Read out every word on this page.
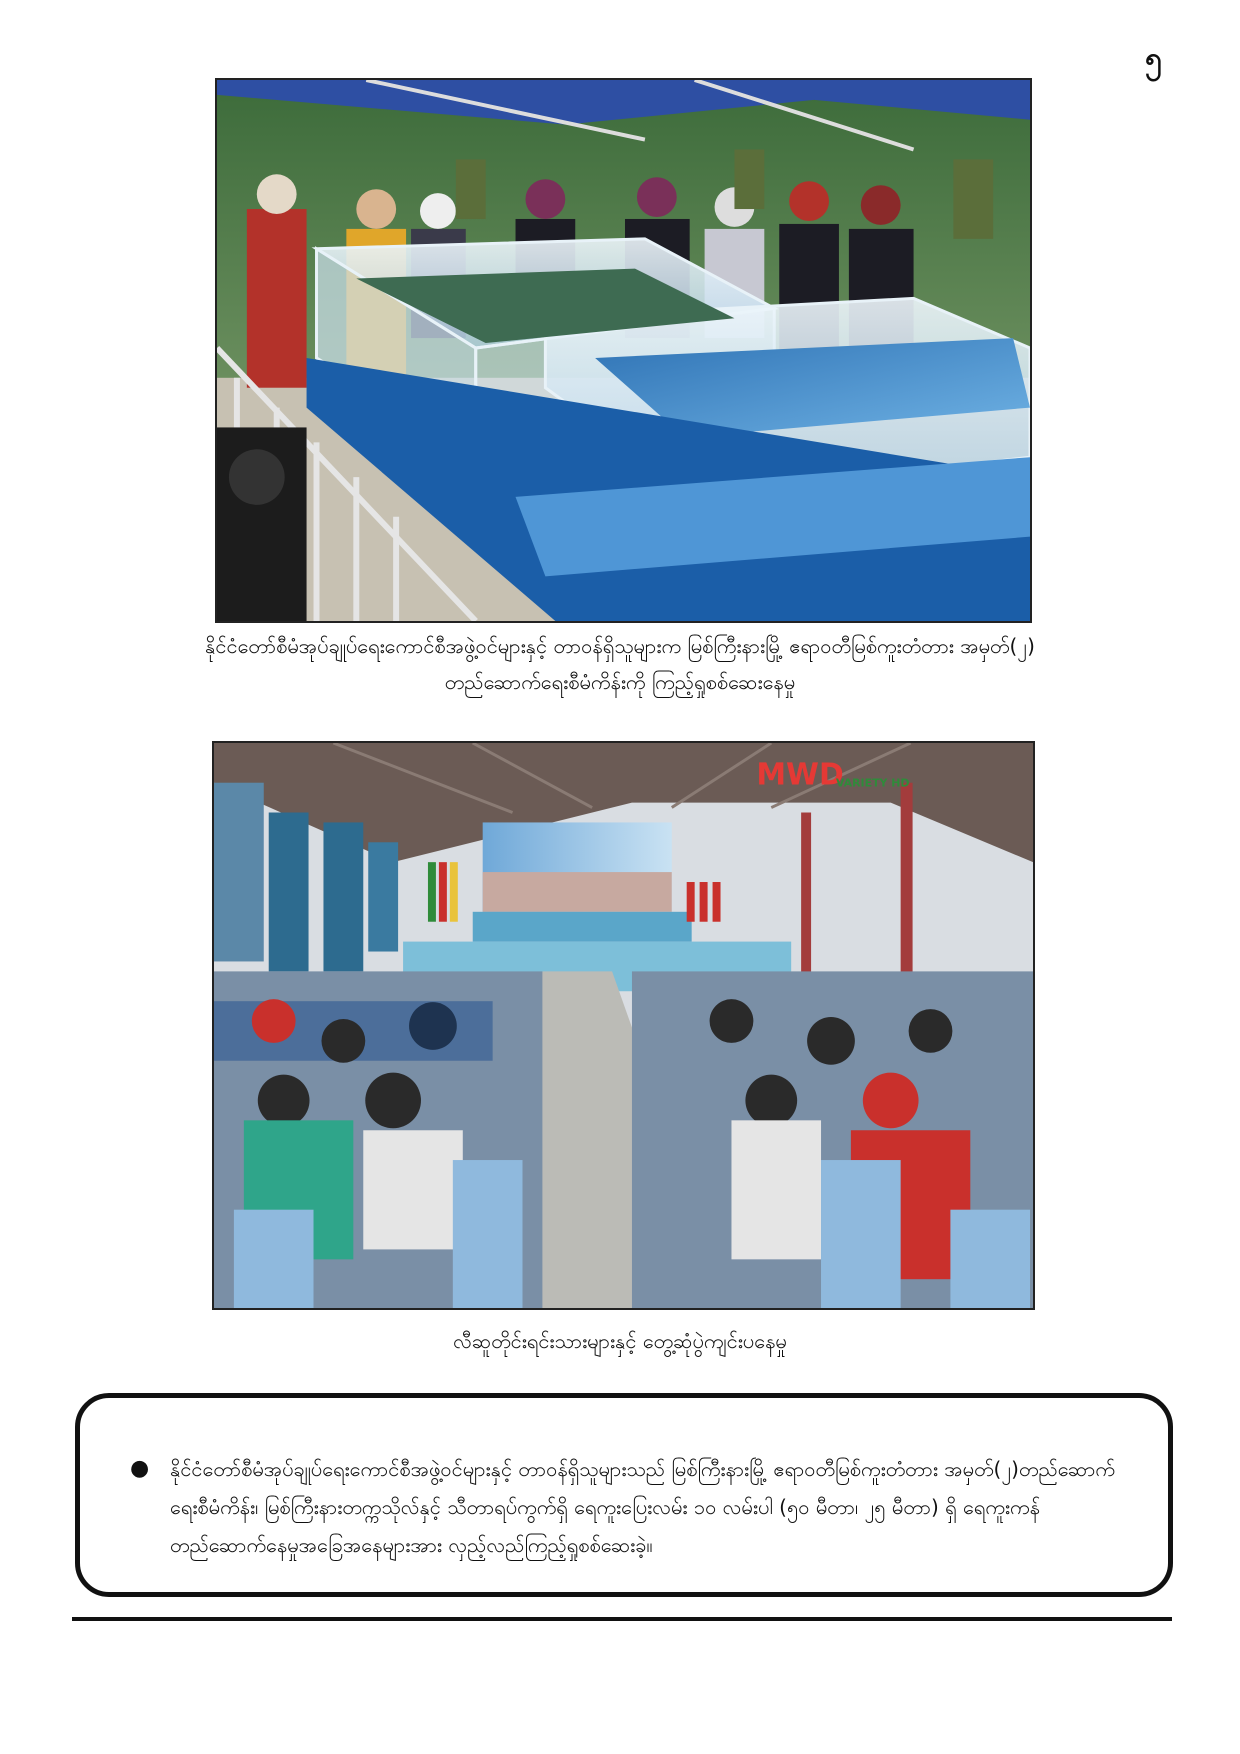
၅
နိုင်ငံတော်စီမံအုပ်ချုပ်ရေးကောင်စီအဖွဲ့ဝင်များနှင့် တာဝန်ရှိသူများက မြစ်ကြီးနားမြို့ ဧရာဝတီမြစ်ကူးတံတား အမှတ်(၂)
တည်ဆောက်ရေးစီမံကိန်းကို ကြည့်ရှုစစ်ဆေးနေမှု
MWD
VARIETY HD
လီဆူတိုင်းရင်းသားများနှင့် တွေ့ဆုံပွဲကျင်းပနေမှု
● နိုင်ငံတော်စီမံအုပ်ချုပ်ရေးကောင်စီအဖွဲ့ဝင်များနှင့် တာဝန်ရှိသူများသည် မြစ်ကြီးနားမြို့ ဧရာဝတီမြစ်ကူးတံတား အမှတ်(၂)တည်ဆောက်ရေးစီမံကိန်း၊ မြစ်ကြီးနားတက္ကသိုလ်နှင့် သီတာရပ်ကွက်ရှိ ရေကူးပြေးလမ်း ၁၀ လမ်းပါ (၅၀ မီတာ၊ ၂၅ မီတာ) ရှိ ရေကူးကန်တည်ဆောက်နေမှုအခြေအနေများအား လှည့်လည်ကြည့်ရှုစစ်ဆေးခဲ့။
